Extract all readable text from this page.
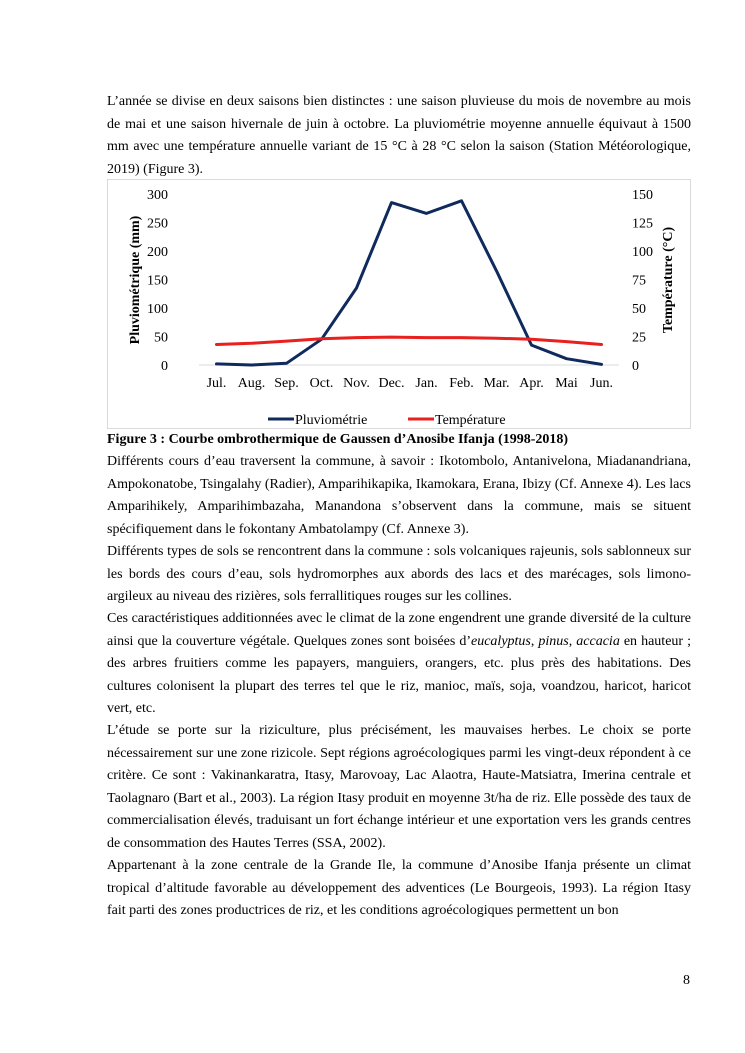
L’année se divise en deux saisons bien distinctes : une saison pluvieuse du mois de novembre au mois de mai et une saison hivernale de juin à octobre. La pluviométrie moyenne annuelle équivaut à 1500 mm avec une température annuelle variant de 15 °C à 28 °C selon la saison (Station Météorologique, 2019) (Figure 3).

0
50
100
150
200
250
300
0
25
50
75
100
125
150
Jul. Aug. Sep. Oct. Nov. Dec. Jan. Feb. Mar. Apr. Mai Jun.
Pluviométrique (mm)	Température (°C)
Pluviométrie	Température

Figure 3 : Courbe ombrothermique de Gaussen d’Anosibe Ifanja (1998-2018)

Différents cours d’eau traversent la commune, à savoir : Ikotombolo, Antanivelona, Miadanandriana, Ampokonatobe, Tsingalahy (Radier), Amparihikapika, Ikamokara, Erana, Ibizy (Cf. Annexe 4). Les lacs Amparihikely, Amparihimbazaha, Manandona s’observent dans la commune, mais se situent spécifiquement dans le fokontany Ambatolampy (Cf. Annexe 3).

Différents types de sols se rencontrent dans la commune : sols volcaniques rajeunis, sols sablonneux sur les bords des cours d’eau, sols hydromorphes aux abords des lacs et des marécages, sols limono-argileux au niveau des rizières, sols ferrallitiques rouges sur les collines.

Ces caractéristiques additionnées avec le climat de la zone engendrent une grande diversité de la culture ainsi que la couverture végétale. Quelques zones sont boisées d’eucalyptus, pinus, accacia en hauteur ; des arbres fruitiers comme les papayers, manguiers, orangers, etc. plus près des habitations. Des cultures colonisent la plupart des terres tel que le riz, manioc, maïs, soja, voandzou, haricot, haricot vert, etc.

L’étude se porte sur la riziculture, plus précisément, les mauvaises herbes. Le choix se porte nécessairement sur une zone rizicole. Sept régions agroécologiques parmi les vingt-deux répondent à ce critère. Ce sont : Vakinankaratra, Itasy, Marovoay, Lac Alaotra, Haute-Matsiatra, Imerina centrale et Taolagnaro (Bart et al., 2003). La région Itasy produit en moyenne 3t/ha de riz. Elle possède des taux de commercialisation élevés, traduisant un fort échange intérieur et une exportation vers les grands centres de consommation des Hautes Terres (SSA, 2002).

Appartenant à la zone centrale de la Grande Ile, la commune d’Anosibe Ifanja présente un climat tropical d’altitude favorable au développement des adventices (Le Bourgeois, 1993). La région Itasy fait parti des zones productrices de riz, et les conditions agroécologiques permettent un bon

8
